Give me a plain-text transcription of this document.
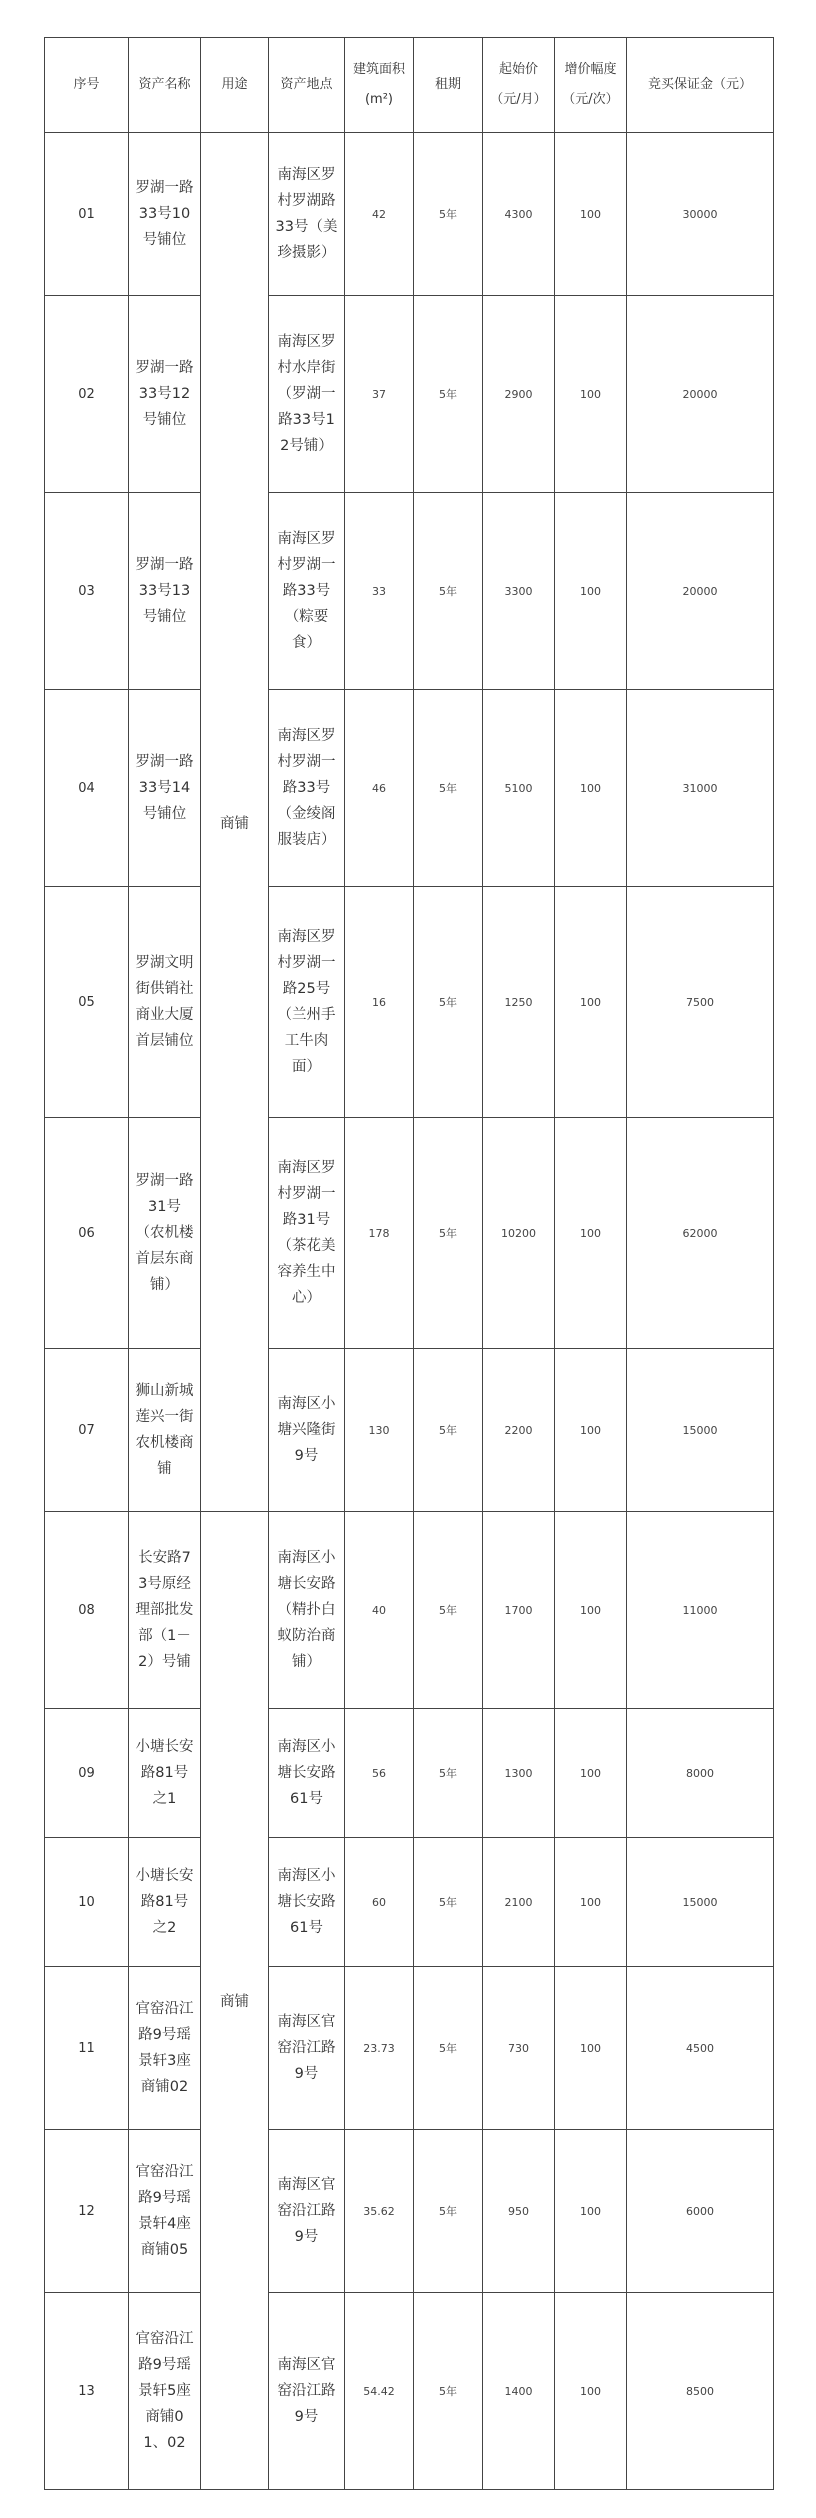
序号	资产名称	用途	资产地点	建筑面积(m²)	租期	起始价（元/月）	增价幅度（元/次）	竞买保证金（元）
01	罗湖一路33号10号铺位	商铺	南海区罗村罗湖路33号（美珍摄影）	42	5年	4300	100	30000
02	罗湖一路33号12号铺位		南海区罗村水岸街（罗湖一路33号12号铺）	37	5年	2900	100	20000
03	罗湖一路33号13号铺位		南海区罗村罗湖一路33号（粽要食）	33	5年	3300	100	20000
04	罗湖一路33号14号铺位		南海区罗村罗湖一路33号（金绫阁服装店）	46	5年	5100	100	31000
05	罗湖文明街供销社商业大厦首层铺位		南海区罗村罗湖一路25号（兰州手工牛肉面）	16	5年	1250	100	7500
06	罗湖一路31号（农机楼首层东商铺）		南海区罗村罗湖一路31号（茶花美容养生中心）	178	5年	10200	100	62000
07	狮山新城莲兴一街农机楼商铺		南海区小塘兴隆街9号	130	5年	2200	100	15000
08	长安路73号原经理部批发部（1－2）号铺	商铺	南海区小塘长安路（精扑白蚁防治商铺）	40	5年	1700	100	11000
09	小塘长安路81号之1		南海区小塘长安路61号	56	5年	1300	100	8000
10	小塘长安路81号之2		南海区小塘长安路61号	60	5年	2100	100	15000
11	官窑沿江路9号瑶景轩3座商铺02		南海区官窑沿江路9号	23.73	5年	730	100	4500
12	官窑沿江路9号瑶景轩4座商铺05		南海区官窑沿江路9号	35.62	5年	950	100	6000
13	官窑沿江路9号瑶景轩5座商铺01、02		南海区官窑沿江路9号	54.42	5年	1400	100	8500
